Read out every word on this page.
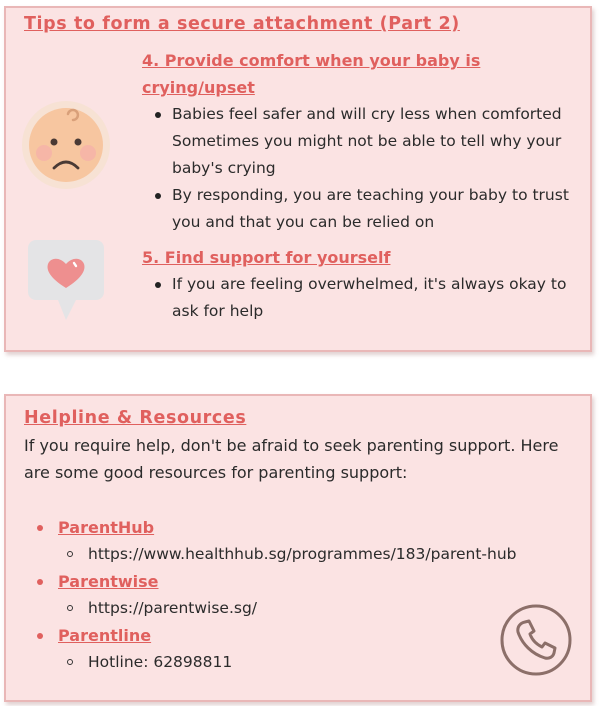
Tips to form a secure attachment (Part 2)
4. Provide comfort when your baby is
crying/upset
Babies feel safer and will cry less when comforted
Sometimes you might not be able to tell why your
baby's crying
By responding, you are teaching your baby to trust
you and that you can be relied on
5. Find support for yourself
If you are feeling overwhelmed, it's always okay to
ask for help
Helpline & Resources
If you require help, don't be afraid to seek parenting support. Here
are some good resources for parenting support:
ParentHub
https://www.healthhub.sg/programmes/183/parent-hub
Parentwise
https://parentwise.sg/
Parentline
Hotline: 62898811
